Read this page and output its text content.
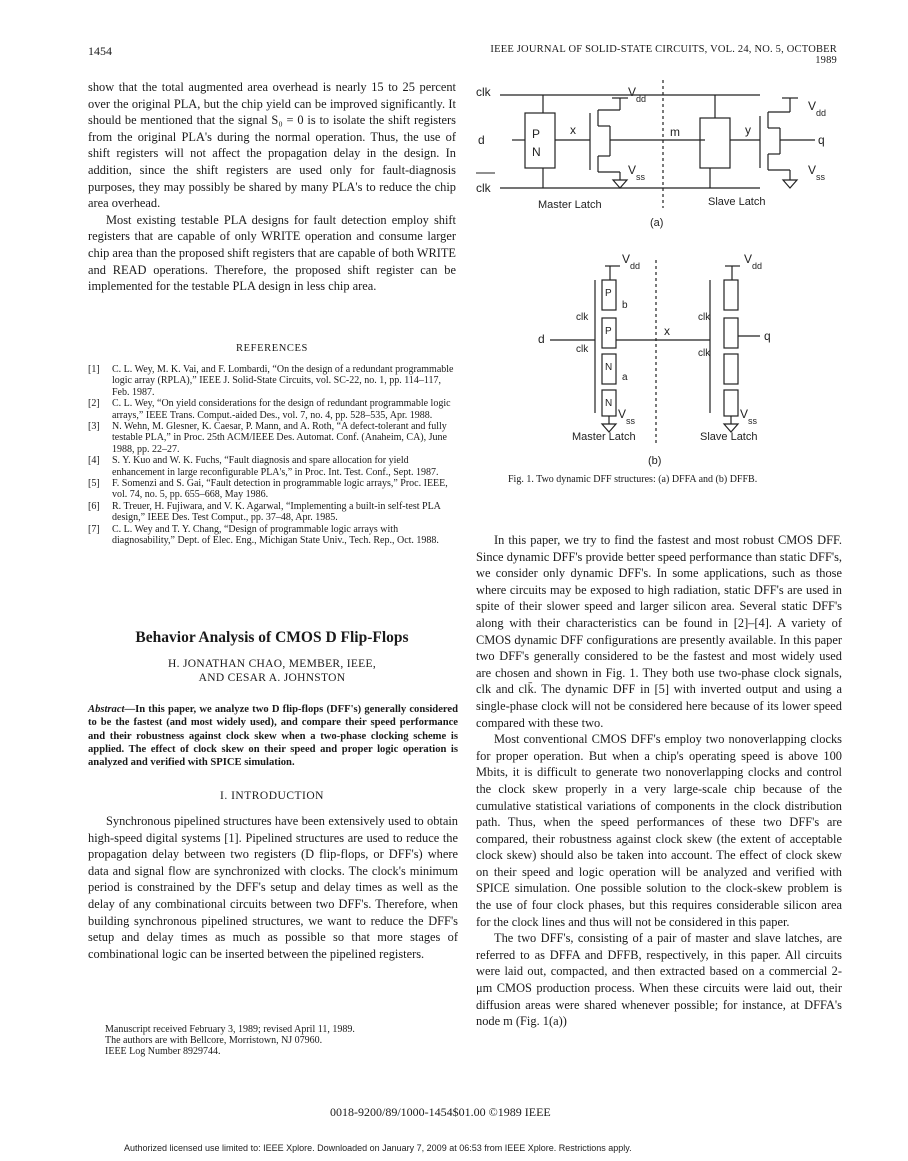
1454	IEEE JOURNAL OF SOLID-STATE CIRCUITS, VOL. 24, NO. 5, OCTOBER 1989

show that the total augmented area overhead is nearly 15 to 25 percent over the original PLA, but the chip yield can be improved significantly. It should be mentioned that the signal S₀ = 0 is to isolate the shift registers from the original PLA's during the normal operation. Thus, the use of shift registers will not affect the propagation delay in the design. In addition, since the shift registers are used only for fault-diagnosis purposes, they may possibly be shared by many PLA's to reduce the chip area overhead.

Most existing testable PLA designs for fault detection employ shift registers that are capable of only WRITE operation and consume larger chip area than the proposed shift registers that are capable of both WRITE and READ operations. Therefore, the proposed shift register can be implemented for the testable PLA design in less chip area.

REFERENCES
[1]	C. L. Wey, M. K. Vai, and F. Lombardi, “On the design of a redundant programmable logic array (RPLA),” IEEE J. Solid-State Circuits, vol. SC-22, no. 1, pp. 114–117, Feb. 1987.
[2]	C. L. Wey, “On yield considerations for the design of redundant programmable logic arrays,” IEEE Trans. Comput.-aided Des., vol. 7, no. 4, pp. 528–535, Apr. 1988.
[3]	N. Wehn, M. Glesner, K. Caesar, P. Mann, and A. Roth, “A defect-tolerant and fully testable PLA,” in Proc. 25th ACM/IEEE Des. Automat. Conf. (Anaheim, CA), June 1988, pp. 22–27.
[4]	S. Y. Kuo and W. K. Fuchs, “Fault diagnosis and spare allocation for yield enhancement in large reconfigurable PLA's,” in Proc. Int. Test. Conf., Sept. 1987.
[5]	F. Somenzi and S. Gai, “Fault detection in programmable logic arrays,” Proc. IEEE, vol. 74, no. 5, pp. 655–668, May 1986.
[6]	R. Treuer, H. Fujiwara, and V. K. Agarwal, “Implementing a built-in self-test PLA design,” IEEE Des. Test Comput., pp. 37–48, Apr. 1985.
[7]	C. L. Wey and T. Y. Chang, “Design of programmable logic arrays with diagnosability,” Dept. of Elec. Eng., Michigan State Univ., Tech. Rep., Oct. 1988.
Behavior Analysis of CMOS D Flip-Flops
H. JONATHAN CHAO, MEMBER, IEEE,
AND CESAR A. JOHNSTON
Abstract—In this paper, we analyze two D flip-flops (DFF's) generally considered to be the fastest (and most widely used), and compare their speed performance and their robustness against clock skew when a two-phase clocking scheme is applied. The effect of clock skew on their speed and proper logic operation is analyzed and verified with SPICE simulation.
I. INTRODUCTION
Synchronous pipelined structures have been extensively used to obtain high-speed digital systems [1]. Pipelined structures are used to reduce the propagation delay between two registers (D flip-flops, or DFF's) where data and signal flow are synchronized with clocks. The clock's minimum period is constrained by the DFF's setup and delay times as well as the delay of any combinational circuits between two DFF's. Therefore, when building synchronous pipelined structures, we want to reduce the DFF's setup and delay times as much as possible so that more stages of combinational logic can be inserted between the pipelined registers.
Manuscript received February 3, 1989; revised April 11, 1989.
The authors are with Bellcore, Morristown, NJ 07960.
IEEE Log Number 8929744.
clk
d
clk
P
N
x	m	y
q
V dd
V ss
V dd
V ss
Master Latch	Slave Latch
(a)
d
x	q
b
a
P
P
N
N
clk
clk
clk
clk
V dd	V dd
V ss	V ss
Master Latch	Slave Latch
(b)
Fig. 1. Two dynamic DFF structures: (a) DFFA and (b) DFFB.

In this paper, we try to find the fastest and most robust CMOS DFF. Since dynamic DFF's provide better speed performance than static DFF's, we consider only dynamic DFF's. In some applications, such as those where circuits may be exposed to high radiation, static DFF's are used in spite of their slower speed and larger silicon area. Several static DFF's along with their characteristics can be found in [2]–[4]. A variety of CMOS dynamic DFF configurations are presently available. In this paper two DFF's generally considered to be the fastest and most widely used are chosen and shown in Fig. 1. They both use two-phase clock signals, clk and clk̄. The dynamic DFF in [5] with inverted output and using a single-phase clock will not be considered here because of its lower speed compared with these two.

Most conventional CMOS DFF's employ two nonoverlapping clocks for proper operation. But when a chip's operating speed is above 100 Mbits, it is difficult to generate two nonoverlapping clocks and control the clock skew properly in a very large-scale chip because of the cumulative statistical variations of components in the clock distribution path. Thus, when the speed performances of these two DFF's are compared, their robustness against clock skew (the extent of acceptable clock skew) should also be taken into account. The effect of clock skew on their speed and logic operation will be analyzed and verified with SPICE simulation. One possible solution to the clock-skew problem is the use of four clock phases, but this requires considerable silicon area for the clock lines and thus will not be considered in this paper.

The two DFF's, consisting of a pair of master and slave latches, are referred to as DFFA and DFFB, respectively, in this paper. All circuits were laid out, compacted, and then extracted based on a commercial 2-μm CMOS production process. When these circuits were laid out, their diffusion areas were shared whenever possible; for instance, at DFFA's node m (Fig. 1(a))

0018-9200/89/1000-1454$01.00 ©1989 IEEE
Authorized licensed use limited to: IEEE Xplore. Downloaded on January 7, 2009 at 06:53 from IEEE Xplore. Restrictions apply.
